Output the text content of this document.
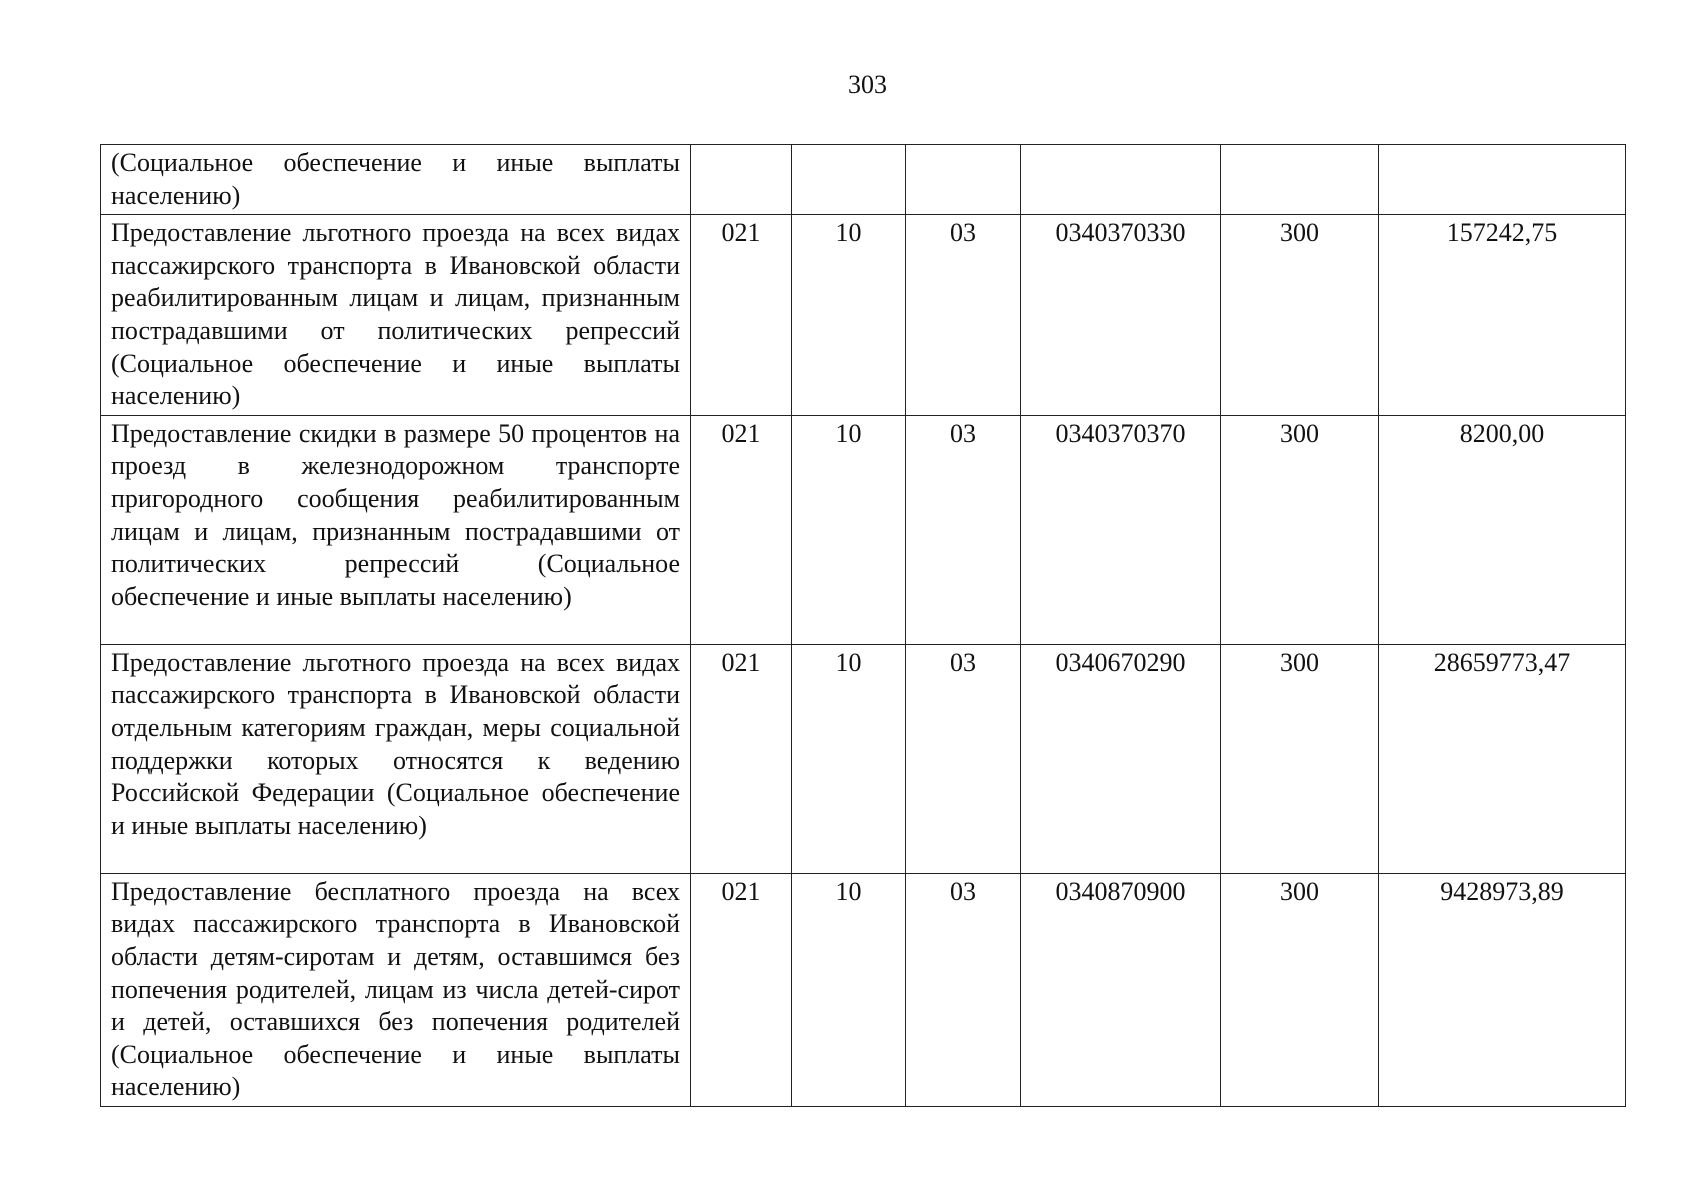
303
(Социальное обеспечение и иные выплаты населению)						
Предоставление льготного проезда на всех видах пассажирского транспорта в Ивановской области реабилитированным лицам и лицам, признанным пострадавшими от политических репрессий (Социальное обеспечение и иные выплаты населению)	021	10	03	0340370330	300	157242,75
Предоставление скидки в размере 50 процентов на проезд в железнодорожном транспорте пригородного сообщения реабилитированным лицам и лицам, признанным пострадавшими от политических репрессий (Социальное обеспечение и иные выплаты населению)	021	10	03	0340370370	300	8200,00
Предоставление льготного проезда на всех видах пассажирского транспорта в Ивановской области отдельным категориям граждан, меры социальной поддержки которых относятся к ведению Российской Федерации (Социальное обеспечение и иные выплаты населению)	021	10	03	0340670290	300	28659773,47
Предоставление бесплатного проезда на всех видах пассажирского транспорта в Ивановской области детям-сиротам и детям, оставшимся без попечения родителей, лицам из числа детей-сирот и детей, оставшихся без попечения родителей (Социальное обеспечение и иные выплаты населению)	021	10	03	0340870900	300	9428973,89
